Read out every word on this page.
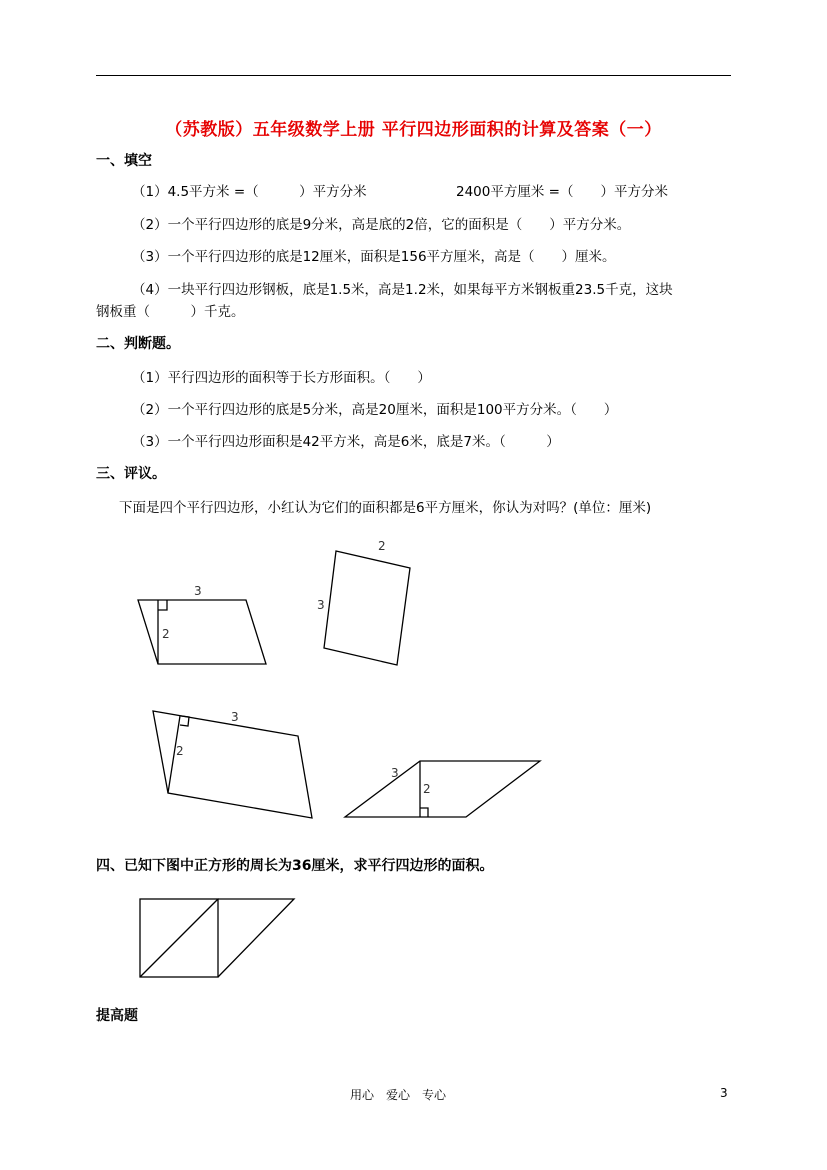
（苏教版）五年级数学上册 平行四边形面积的计算及答案（一）
一、填空
（1）4.5平方米 =（　　　）平方分米	2400平方厘米 =（　　）平方分米
（2）一个平行四边形的底是9分米，高是底的2倍，它的面积是（　　）平方分米。
（3）一个平行四边形的底是12厘米，面积是156平方厘米，高是（　　）厘米。
（4）一块平行四边形钢板，底是1.5米，高是1.2米，如果每平方米钢板重23.5千克，这块
钢板重（　　　）千克。
二、判断题。
（1）平行四边形的面积等于长方形面积。（　　）
（2）一个平行四边形的底是5分米，高是20厘米，面积是100平方分米。（　　）
（3）一个平行四边形面积是42平方米，高是6米，底是7米。（　　　）
三、评议。
下面是四个平行四边形，小红认为它们的面积都是6平方厘米，你认为对吗？(单位：厘米)
3
2
2
3
3
2
3
2
四、已知下图中正方形的周长为36厘米，求平行四边形的面积。
提高题
用心　爱心　专心	3
